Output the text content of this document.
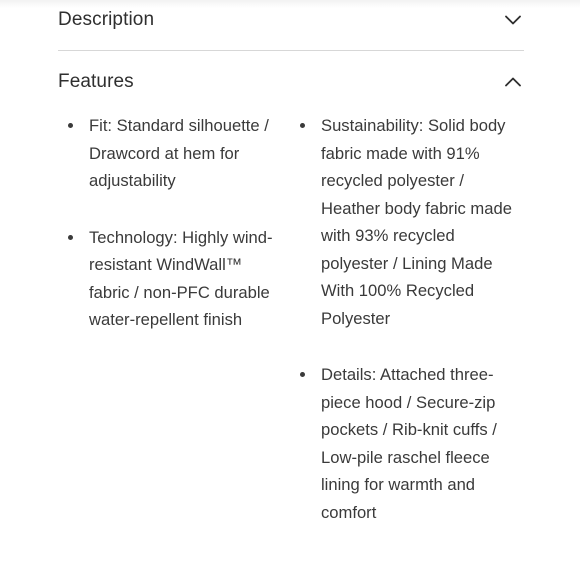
Description
Features
Fit: Standard silhouette / Drawcord at hem for adjustability
Technology: Highly wind-resistant WindWall™ fabric / non-PFC durable water-repellent finish
Sustainability: Solid body fabric made with 91% recycled polyester / Heather body fabric made with 93% recycled polyester / Lining Made With 100% Recycled Polyester
Details: Attached three-piece hood / Secure-zip pockets / Rib-knit cuffs / Low-pile raschel fleece lining for warmth and comfort
